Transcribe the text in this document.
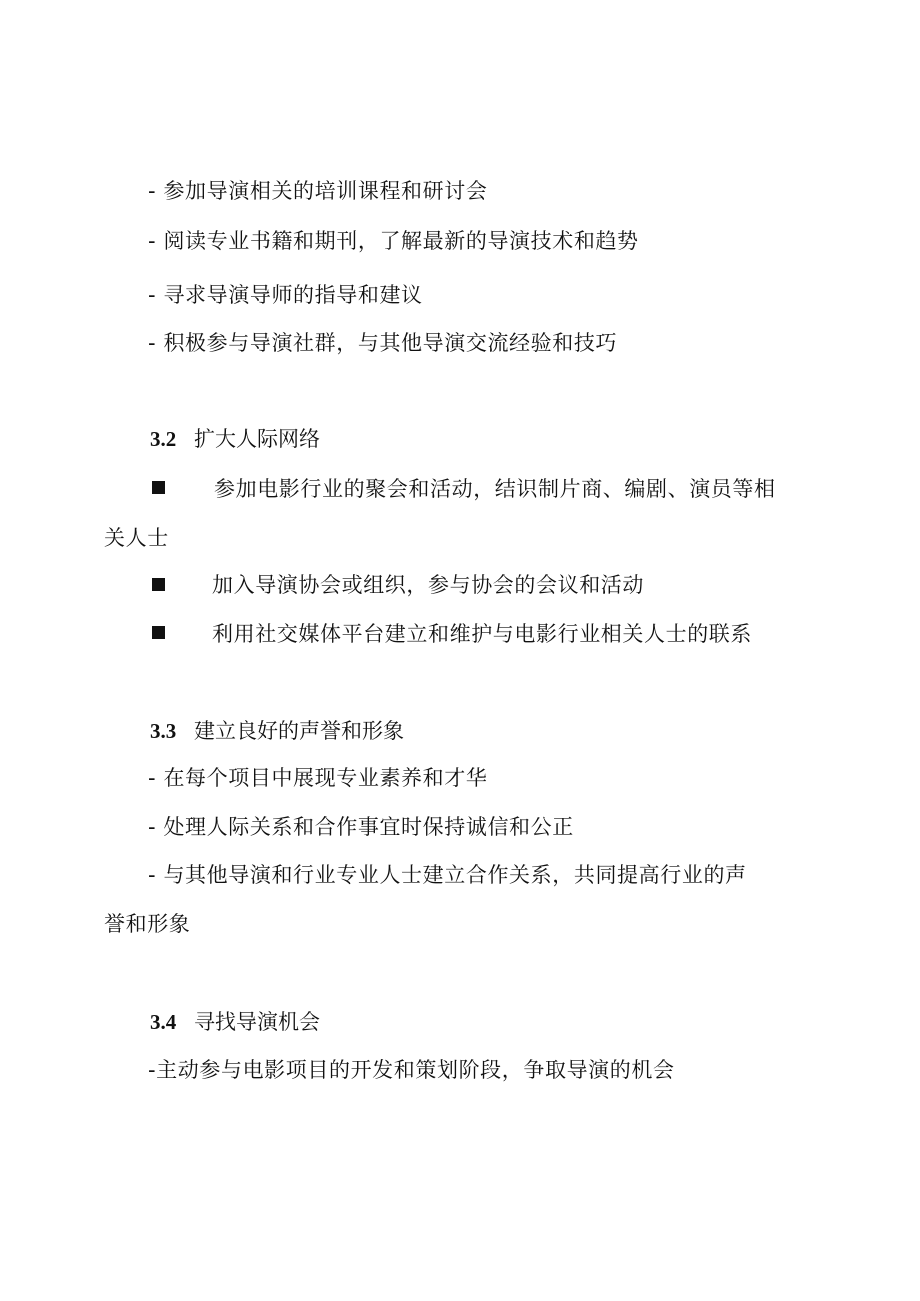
- 参加导演相关的培训课程和研讨会
- 阅读专业书籍和期刊，了解最新的导演技术和趋势
- 寻求导演导师的指导和建议
- 积极参与导演社群，与其他导演交流经验和技巧
3.2 扩大人际网络
参加电影行业的聚会和活动，结识制片商、编剧、演员等相
关人士
加入导演协会或组织，参与协会的会议和活动
利用社交媒体平台建立和维护与电影行业相关人士的联系
3.3 建立良好的声誉和形象
- 在每个项目中展现专业素养和才华
- 处理人际关系和合作事宜时保持诚信和公正
- 与其他导演和行业专业人士建立合作关系，共同提高行业的声
誉和形象
3.4 寻找导演机会
-主动参与电影项目的开发和策划阶段，争取导演的机会
